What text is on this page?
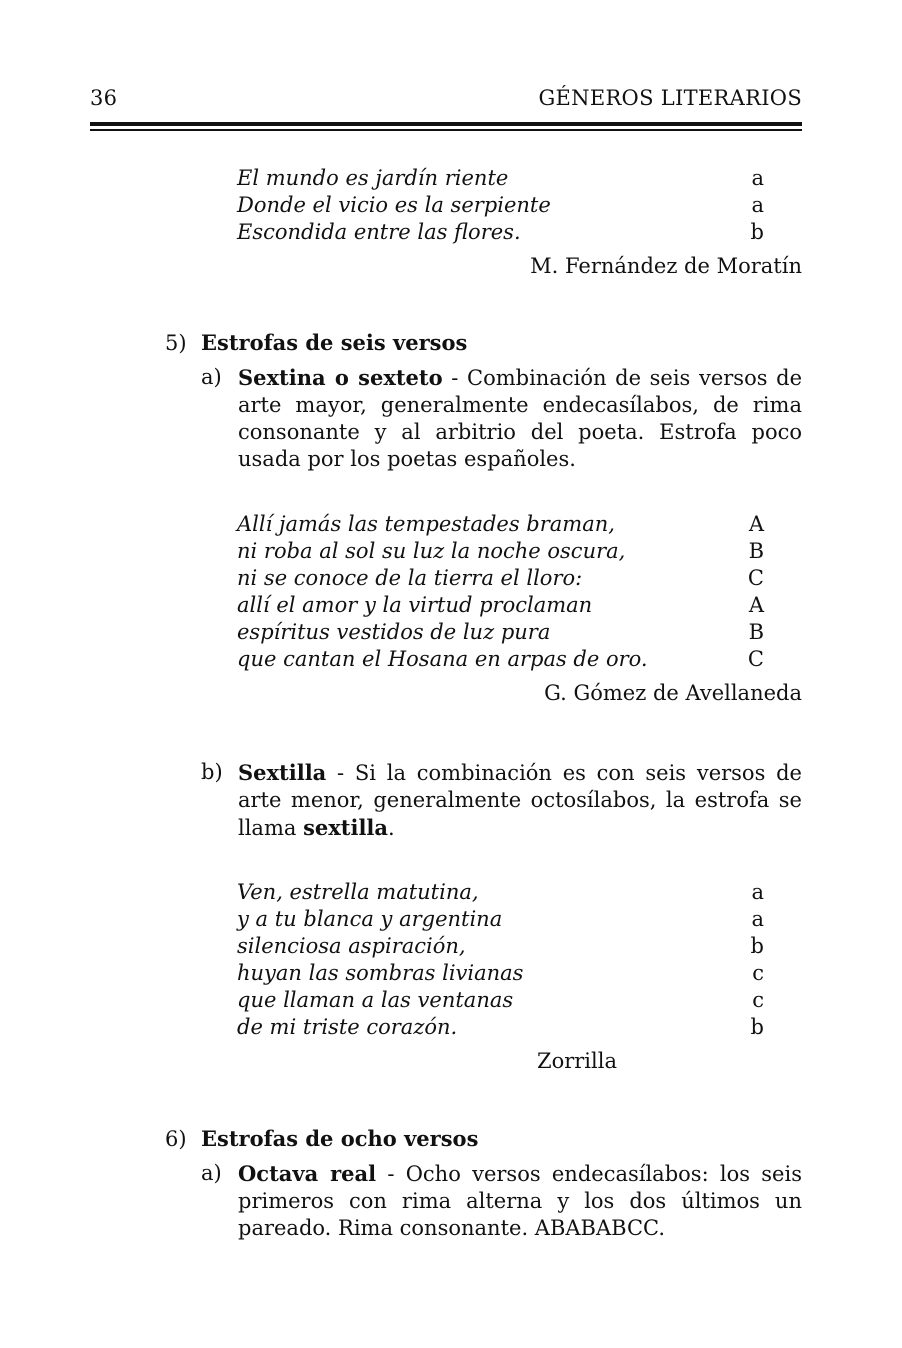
36	GÉNEROS LITERARIOS
El mundo es jardín riente	a
Donde el vicio es la serpiente	a
Escondida entre las flores.	b
M. Fernández de Moratín
5) Estrofas de seis versos
a) Sextina o sexteto - Combinación de seis versos de arte mayor, generalmente endecasílabos, de rima consonante y al arbitrio del poeta. Estrofa poco usada por los poetas españoles.
Allí jamás las tempestades braman,	A
ni roba al sol su luz la noche oscura,	B
ni se conoce de la tierra el lloro:	C
allí el amor y la virtud proclaman	A
espíritus vestidos de luz pura	B
que cantan el Hosana en arpas de oro.	C
G. Gómez de Avellaneda
b) Sextilla - Si la combinación es con seis versos de arte menor, generalmente octosílabos, la estrofa se llama sextilla.
Ven, estrella matutina,	a
y a tu blanca y argentina	a
silenciosa aspiración,	b
huyan las sombras livianas	c
que llaman a las ventanas	c
de mi triste corazón.	b
Zorrilla
6) Estrofas de ocho versos
a) Octava real - Ocho versos endecasílabos: los seis primeros con rima alterna y los dos últimos un pareado. Rima consonante. ABABABCC.
